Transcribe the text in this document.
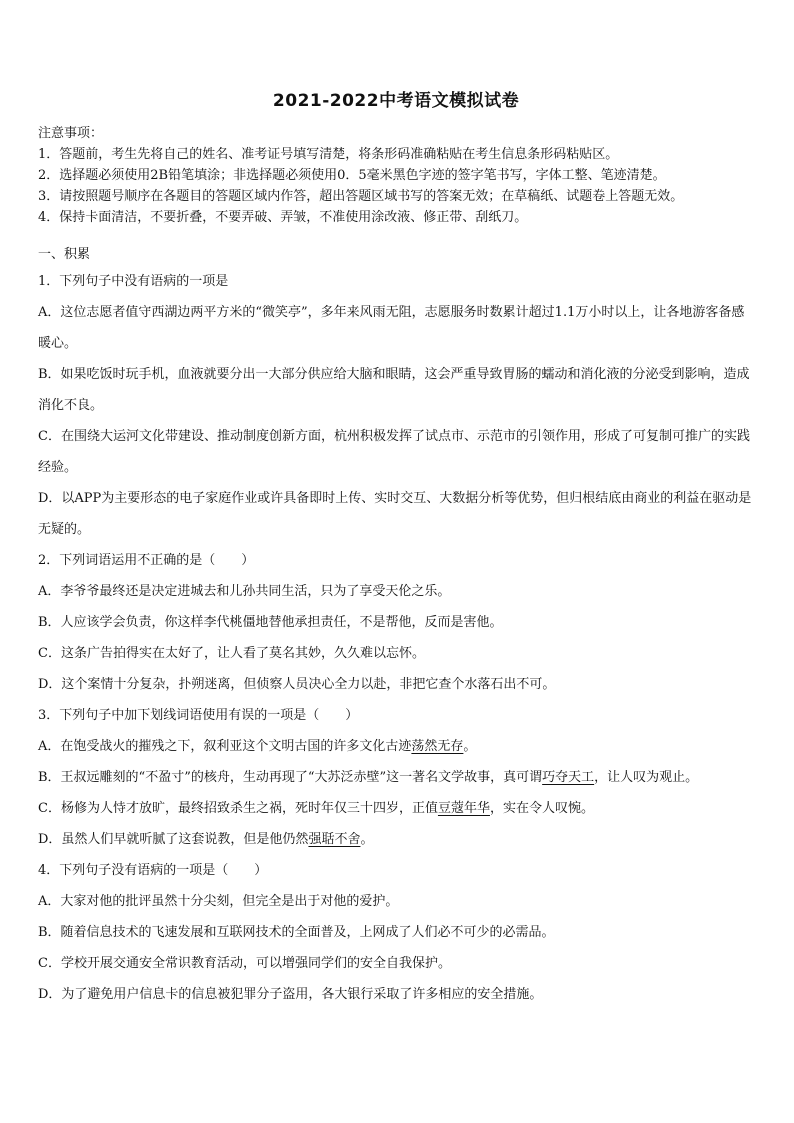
2021-2022中考语文模拟试卷
注意事项：
1．答题前，考生先将自己的姓名、准考证号填写清楚，将条形码准确粘贴在考生信息条形码粘贴区。
2．选择题必须使用2B铅笔填涂；非选择题必须使用0．5毫米黑色字迹的签字笔书写，字体工整、笔迹清楚。
3．请按照题号顺序在各题目的答题区域内作答，超出答题区域书写的答案无效；在草稿纸、试题卷上答题无效。
4．保持卡面清洁，不要折叠，不要弄破、弄皱，不准使用涂改液、修正带、刮纸刀。
一、积累
1．下列句子中没有语病的一项是
A．这位志愿者值守西湖边两平方米的“微笑亭”，多年来风雨无阻，志愿服务时数累计超过1.1万小时以上，让各地游客备感暖心。
B．如果吃饭时玩手机，血液就要分出一大部分供应给大脑和眼睛，这会严重导致胃肠的蠕动和消化液的分泌受到影响，造成消化不良。
C．在围绕大运河文化带建设、推动制度创新方面，杭州积极发挥了试点市、示范市的引领作用，形成了可复制可推广的实践经验。
D．以APP为主要形态的电子家庭作业或许具备即时上传、实时交互、大数据分析等优势，但归根结底由商业的利益在驱动是无疑的。
2．下列词语运用不正确的是（　　）
A．李爷爷最终还是决定进城去和儿孙共同生活，只为了享受天伦之乐。
B．人应该学会负责，你这样李代桃僵地替他承担责任，不是帮他，反而是害他。
C．这条广告拍得实在太好了，让人看了莫名其妙，久久难以忘怀。
D．这个案情十分复杂，扑朔迷离，但侦察人员决心全力以赴，非把它查个水落石出不可。
3．下列句子中加下划线词语使用有误的一项是（　　）
A．在饱受战火的摧残之下，叙利亚这个文明古国的许多文化古迹荡然无存。
B．王叔远雕刻的“不盈寸”的核舟，生动再现了“大苏泛赤壁”这一著名文学故事，真可谓巧夺天工，让人叹为观止。
C．杨修为人恃才放旷，最终招致杀生之祸，死时年仅三十四岁，正值豆蔻年华，实在令人叹惋。
D．虽然人们早就听腻了这套说教，但是他仍然强聒不舍。
4．下列句子没有语病的一项是（　　）
A．大家对他的批评虽然十分尖刻，但完全是出于对他的爱护。
B．随着信息技术的飞速发展和互联网技术的全面普及，上网成了人们必不可少的必需品。
C．学校开展交通安全常识教育活动，可以增强同学们的安全自我保护。
D．为了避免用户信息卡的信息被犯罪分子盗用，各大银行采取了许多相应的安全措施。
